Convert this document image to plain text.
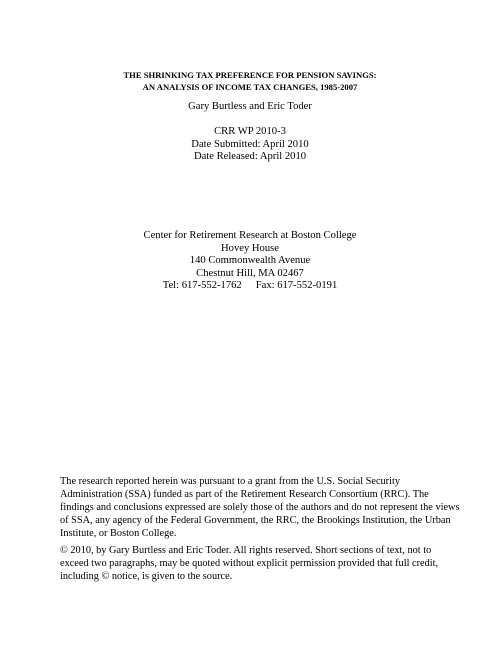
THE SHRINKING TAX PREFERENCE FOR PENSION SAVINGS:
AN ANALYSIS OF INCOME TAX CHANGES, 1985-2007
Gary Burtless and Eric Toder
CRR WP 2010-3
Date Submitted: April 2010
Date Released: April 2010
Center for Retirement Research at Boston College
Hovey House
140 Commonwealth Avenue
Chestnut Hill, MA 02467
Tel: 617-552-1762 Fax: 617-552-0191
The research reported herein was pursuant to a grant from the U.S. Social Security
Administration (SSA) funded as part of the Retirement Research Consortium (RRC). The
findings and conclusions expressed are solely those of the authors and do not represent the views
of SSA, any agency of the Federal Government, the RRC, the Brookings Institution, the Urban
Institute, or Boston College.
© 2010, by Gary Burtless and Eric Toder. All rights reserved. Short sections of text, not to
exceed two paragraphs, may be quoted without explicit permission provided that full credit,
including © notice, is given to the source.
